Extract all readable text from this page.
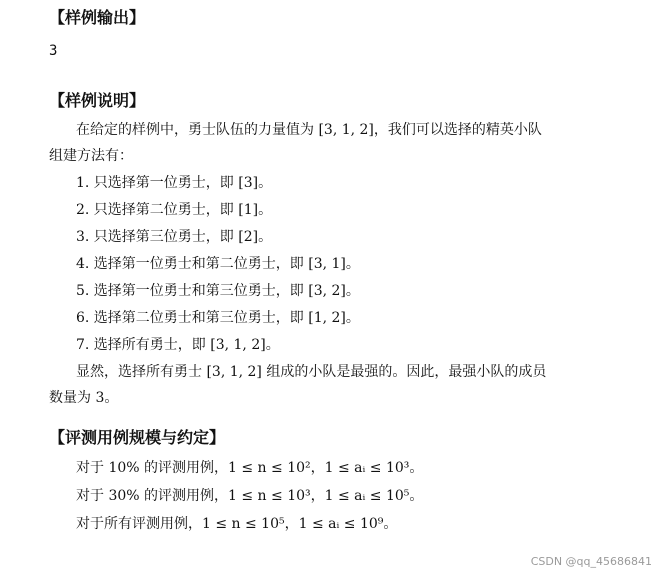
【样例输出】
3
【样例说明】
在给定的样例中，勇士队伍的力量值为 [3, 1, 2]，我们可以选择的精英小队
组建方法有：
1. 只选择第一位勇士，即 [3]。
2. 只选择第二位勇士，即 [1]。
3. 只选择第三位勇士，即 [2]。
4. 选择第一位勇士和第二位勇士，即 [3, 1]。
5. 选择第一位勇士和第三位勇士，即 [3, 2]。
6. 选择第二位勇士和第三位勇士，即 [1, 2]。
7. 选择所有勇士，即 [3, 1, 2]。
显然，选择所有勇士 [3, 1, 2] 组成的小队是最强的。因此，最强小队的成员
数量为 3。
【评测用例规模与约定】
对于 10% 的评测用例，1 ≤ n ≤ 10²，1 ≤ aᵢ ≤ 10³。
对于 30% 的评测用例，1 ≤ n ≤ 10³，1 ≤ aᵢ ≤ 10⁵。
对于所有评测用例，1 ≤ n ≤ 10⁵，1 ≤ aᵢ ≤ 10⁹。
CSDN @qq_45686841
